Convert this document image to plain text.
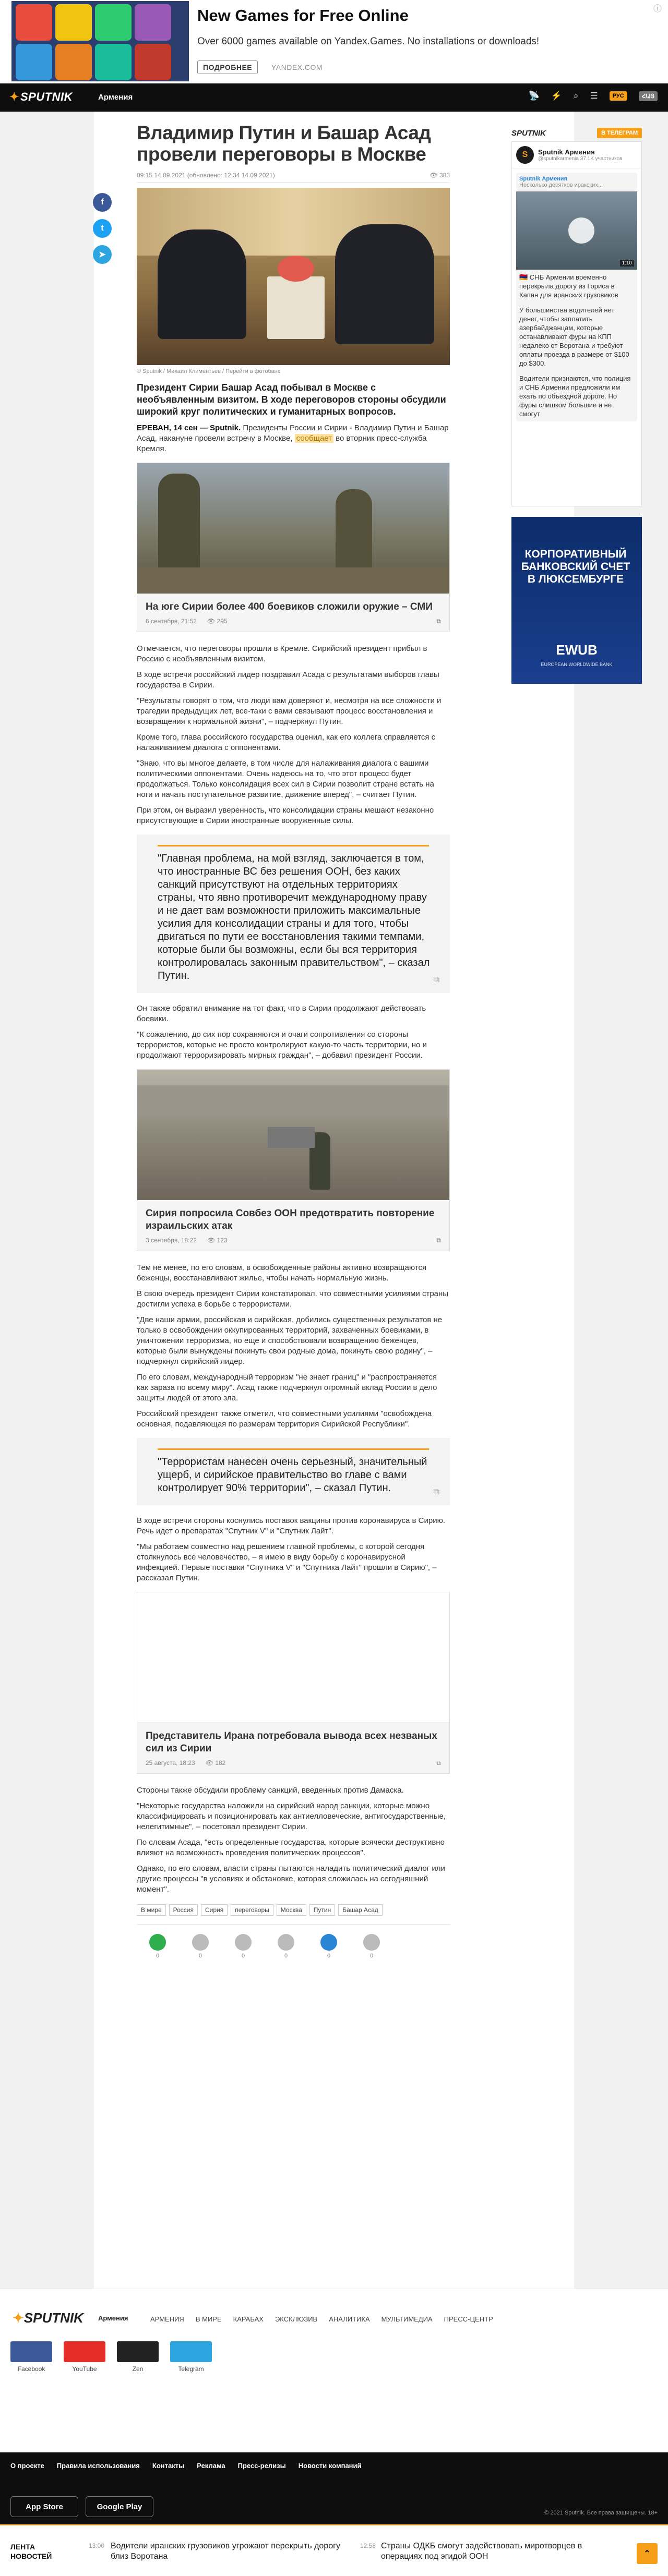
New Games for Free Online
Over 6000 games available on Yandex.Games. No installations or downloads!
ПОДРОБНЕЕ	YANDEX.COM
ⓘ
✦SPUTNIK	Армения	📡 ⚡ ⌕ ☰	РУС	ՀԱՅ
f
t
➤
Владимир Путин и Башар Асад провели переговоры в Москве
09:15 14.09.2021 (обновлено: 12:34 14.09.2021)	👁 383
© Sputnik / Михаил Климентьев / Перейти в фотобанк
Президент Сирии Башар Асад побывал в Москве с необъявленным визитом. В ходе переговоров стороны обсудили широкий круг политических и гуманитарных вопросов.
ЕРЕВАН, 14 сен — Sputnik. Президенты России и Сирии - Владимир Путин и Башар Асад, накануне провели встречу в Москве, сообщает во вторник пресс-служба Кремля.
На юге Сирии более 400 боевиков сложили оружие – СМИ
6 сентября, 21:52 👁 295	⧉
Отмечается, что переговоры прошли в Кремле. Сирийский президент прибыл в Россию с необъявленным визитом.
В ходе встречи российский лидер поздравил Асада с результатами выборов главы государства в Сирии.
"Результаты говорят о том, что люди вам доверяют и, несмотря на все сложности и трагедии предыдущих лет, все-таки с вами связывают процесс восстановления и возвращения к нормальной жизни", – подчеркнул Путин.
Кроме того, глава российского государства оценил, как его коллега справляется с налаживанием диалога с оппонентами.
"Знаю, что вы многое делаете, в том числе для налаживания диалога с вашими политическими оппонентами. Очень надеюсь на то, что этот процесс будет продолжаться. Только консолидация всех сил в Сирии позволит стране встать на ноги и начать поступательное развитие, движение вперед", – считает Путин.
При этом, он выразил уверенность, что консолидации страны мешают незаконно присутствующие в Сирии иностранные вооруженные силы.
"Главная проблема, на мой взгляд, заключается в том, что иностранные ВС без решения ООН, без каких санкций присутствуют на отдельных территориях страны, что явно противоречит международному праву и не дает вам возможности приложить максимальные усилия для консолидации страны и для того, чтобы двигаться по пути ее восстановления такими темпами, которые были бы возможны, если бы вся территория контролировалась законным правительством", – сказал Путин.	⧉
Он также обратил внимание на тот факт, что в Сирии продолжают действовать боевики.
"К сожалению, до сих пор сохраняются и очаги сопротивления со стороны террористов, которые не просто контролируют какую-то часть территории, но и продолжают терроризировать мирных граждан", – добавил президент России.
Сирия попросила Совбез ООН предотвратить повторение израильских атак
3 сентября, 18:22 👁 123	⧉
Тем не менее, по его словам, в освобожденные районы активно возвращаются беженцы, восстанавливают жилье, чтобы начать нормальную жизнь.
В свою очередь президент Сирии констатировал, что совместными усилиями страны достигли успеха в борьбе с террористами.
"Две наши армии, российская и сирийская, добились существенных результатов не только в освобождении оккупированных территорий, захваченных боевиками, в уничтожении терроризма, но еще и способствовали возвращению беженцев, которые были вынуждены покинуть свои родные дома, покинуть свою родину", – подчеркнул сирийский лидер.
По его словам, международный терроризм "не знает границ" и "распространяется как зараза по всему миру". Асад также подчеркнул огромный вклад России в дело защиты людей от этого зла.
Российский президент также отметил, что совместными усилиями "освобождена основная, подавляющая по размерам территория Сирийской Республики".
"Террористам нанесен очень серьезный, значительный ущерб, и сирийское правительство во главе с вами контролирует 90% территории", – сказал Путин.	⧉
В ходе встречи стороны коснулись поставок вакцины против коронавируса в Сирию. Речь идет о препаратах "Спутник V" и "Спутник Лайт".
"Мы работаем совместно над решением главной проблемы, с которой сегодня столкнулось все человечество, – я имею в виду борьбу с коронавирусной инфекцией. Первые поставки "Спутника V" и "Спутника Лайт" прошли в Сирию", – рассказал Путин.
Представитель Ирана потребовала вывода всех незваных сил из Сирии
25 августа, 18:23 👁 182	⧉
Стороны также обсудили проблему санкций, введенных против Дамаска.
"Некоторые государства наложили на сирийский народ санкции, которые можно классифицировать и позиционировать как антиелловеческие, антигосударственные, нелегитимные", – посетовал президент Сирии.
По словам Асада, "есть определенные государства, которые всячески деструктивно влияют на возможность проведения политических процессов".
Однако, по его словам, власти страны пытаются наладить политический диалог или другие процессы "в условиях и обстановке, которая сложилась на сегодняшний момент".
В мире	Россия	Сирия	переговоры	Москва	Путин	Башар Асад
0	0	0	0	0	0
SPUTNIK	В ТЕЛЕГРАМ
S	Sputnik Армения
@sputnikarmenia 37.1K участников
Sputnik Армения
Несколько десятков иракских...
1:10
🇦🇲 СНБ Армении временно перекрыла дорогу из Гориса в Капан для иранских грузовиков
У большинства водителей нет денег, чтобы заплатить азербайджанцам, которые останавливают фуры на КПП недалеко от Воротана и требуют оплаты проезда в размере от $100 до $300.
Водители признаются, что полиция и СНБ Армении предложили им ехать по объездной дороге. Но фуры слишком большие и не смогут
КОРПОРАТИВНЫЙ БАНКОВСКИЙ СЧЕТ В ЛЮКСЕМБУРГЕ
EWUB
EUROPEAN WORLDWIDE BANK
✦SPUTNIK Армения	АРМЕНИЯ В МИРЕ КАРАБАХ ЭКСКЛЮЗИВ АНАЛИТИКА МУЛЬТИМЕДИА ПРЕСС-ЦЕНТР
Facebook	YouTube	Zen	Telegram
О проекте Правила использования Контакты Реклама Пресс-релизы Новости компаний
App Store	Google Play
© 2021 Sputnik. Все права защищены. 18+
ЛЕНТА НОВОСТЕЙ
13:00 Водители иранских грузовиков угрожают перекрыть дорогу близ Воротана
12:58 Страны ОДКБ смогут задействовать миротворцев в операциях под эгидой ООН	⌃
